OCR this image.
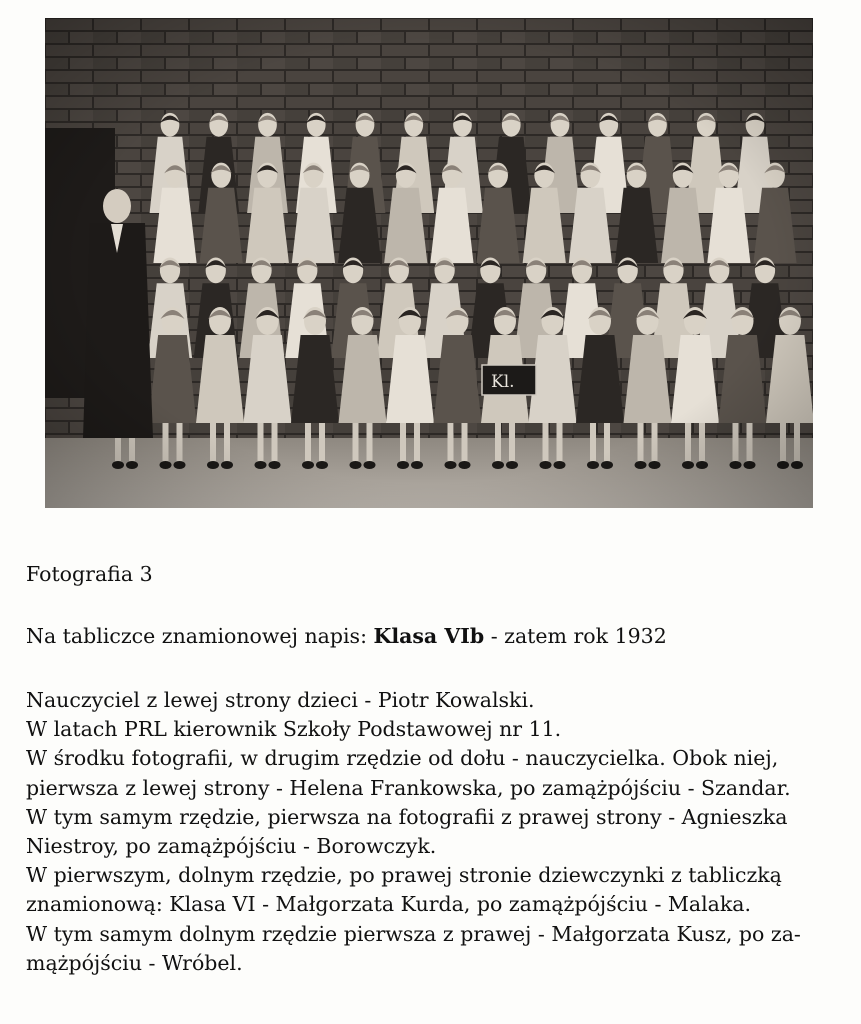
Fotografia 3
Na tabliczce znamionowej napis: Klasa VIb - zatem rok 1932

Nauczyciel z lewej strony dzieci - Piotr Kowalski.

W latach PRL kierownik Szkoły Podstawowej nr 11.

W środku fotografii, w drugim rzędzie od dołu - nauczycielka. Obok niej,

pierwsza z lewej strony - Helena Frankowska, po zamążpójściu - Szandar.

W tym samym rzędzie, pierwsza na fotografii z prawej strony - Agnieszka

Niestroy, po zamążpójściu - Borowczyk.

W pierwszym, dolnym rzędzie, po prawej stronie dziewczynki z tabliczką

znamionową: Klasa VI - Małgorzata Kurda, po zamążpójściu - Malaka.

W tym samym dolnym rzędzie pierwsza z prawej - Małgorzata Kusz, po za-

mążpójściu - Wróbel.
